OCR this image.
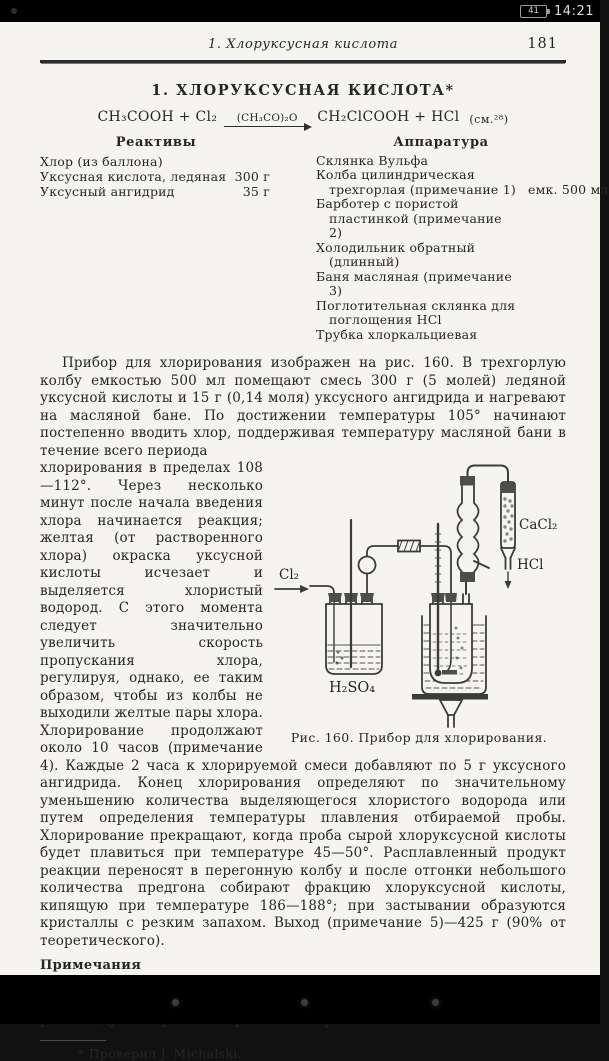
41 14:21
1. Хлоруксусная кислота	181
1. ХЛОРУКСУСНАЯ КИСЛОТА*
CH₃COOH + Cl₂ (CH₃CO)₂O CH₂ClCOOH + HCl (см.²⁸)
Реактивы
Хлор (из баллона)
Уксусная кислота, ледяная 300 г
Уксусный ангидрид	35 г
Аппаратура
Склянка Вульфа
Колба цилиндрическая трехгорлая (примечание 1) емк. 500 мл
Барботер с пористой пластинкой (примечание 2)
Холодильник обратный (длинный)
Баня масляная (примечание 3)
Поглотительная склянка для поглощения HCl
Трубка хлоркальциевая

Прибор для хлорирования изображен на рис. 160. В трехгорлую колбу емкостью 500 мл помещают смесь 300 г (5 молей) ледяной уксусной кислоты и 15 г (0,14 моля) уксусного ангидрида и нагревают на масляной бане. По достижении температуры 105° начинают постепенно вводить хлор, поддерживая температуру масляной бани в течение всего периода

Cl₂
H₂SO₄
CaCl₂
HCl
Рис. 160. Прибор для хлорирования.

хлорирования в пределах 108—112°. Через несколько минут после начала введения хлора начинается реакция; желтая (от растворенного хлора) окраска уксусной кислоты исчезает и выделяется хлористый водород. С этого момента следует значительно увеличить скорость пропускания хлора, регулируя, однако, ее таким образом, чтобы из колбы не выходили желтые пары хлора. Хлорирование продолжают около 10 часов (примечание 4). Каждые 2 часа к хлорируемой смеси добавляют по 5 г уксусного ангидрида. Конец хлорирования определяют по значительному уменьшению количества выделяющегося хлористого водорода или путем определения температуры плавления отбираемой пробы. Хлорирование прекращают, когда проба сырой хлоруксусной кислоты будет плавиться при температуре 45—50°. Расплавленный продукт реакции переносят в перегонную колбу и после отгонки небольшого количества предгона собирают фракцию хлоруксусной кислоты, кипящую при температуре 186—188°; при застывании образуются кристаллы с резким запахом. Выход (примечание 5)—425 г (90% от теоретического).

Примечания

* Проверил J. Michalski.
